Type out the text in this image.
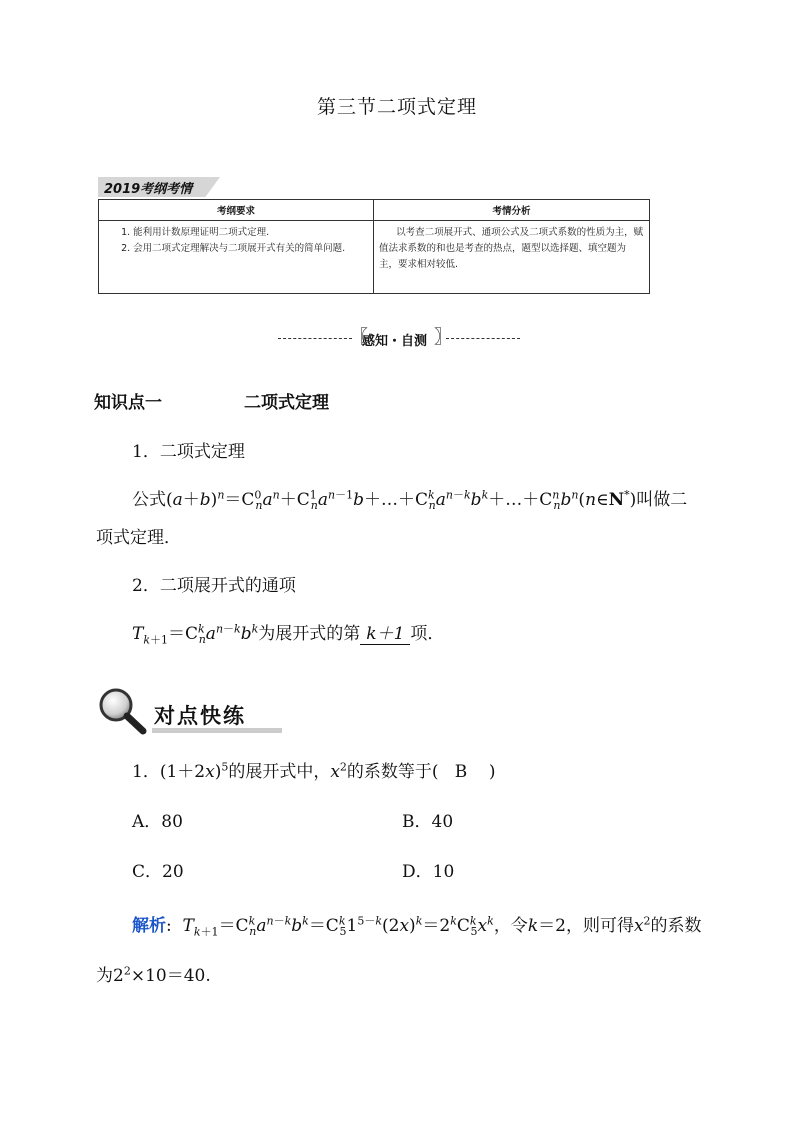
第三节二项式定理
2019考纲考情
考纲要求	考情分析

1. 能利用计数原理证明二项式定理.

2. 会用二项式定理解决与二项展开式有关的简单问题.	以考查二项展开式、通项公式及二项式系数的性质为主，赋值法求系数的和也是考查的热点，题型以选择题、填空题为主，要求相对较低.

〖
感知・自测 〗
知识点一	二项式定理
1．二项式定理
公式$(a+b)^n=C^0_na^n+C^1_na^{n-1}b+\dots+C^k_na^{n-k}b^k+\dots+C^n_nb^n(n\in N^*)$叫做二
项式定理．
2．二项展开式的通项
$T_{k+1}=C^k_na^{n-k}b^k$为展开式的第 k＋1 项．
对点快练
1．$(1+2x)^5$的展开式中，$x^2$的系数等于( B )
A．80	B．40
C．20	D．10
解析:  $T_{k+1}=C^k_na^{n-k}b^k=C^k_51^{5-k}(2x)^k=2^kC^k_5x^k$，令k＝2，则可得$x^2$的系数
为$2^2\times 10=40$.
